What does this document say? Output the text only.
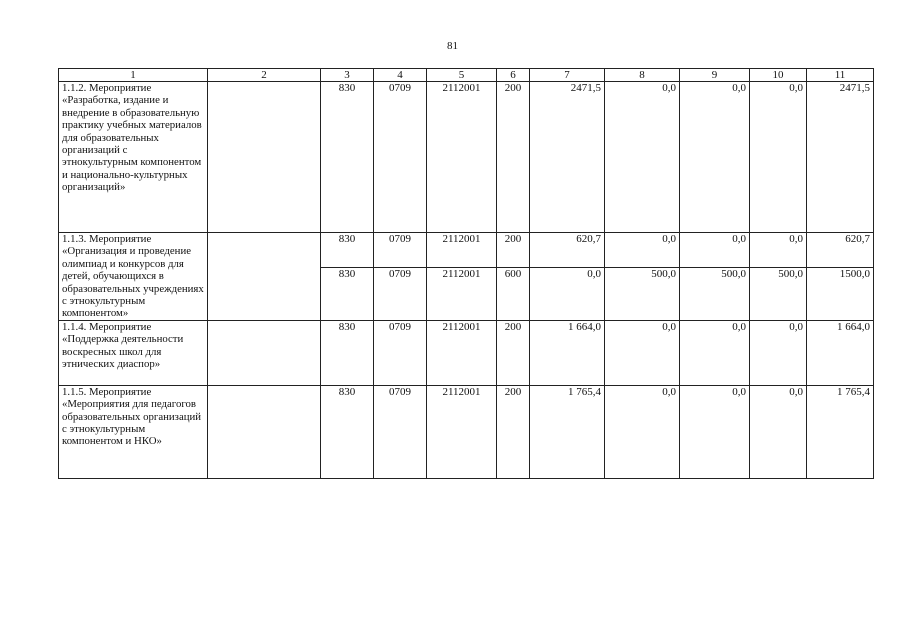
81
1	2	3	4	5	6	7	8	9	10	11
1.1.2. Мероприятие «Разработка, издание и внедрение в образовательную практику учебных материалов для образовательных организаций с этнокультурным компонентом и национально-культурных организаций»		830	0709	2112001	200	2471,5	0,0	0,0	0,0	2471,5
1.1.3. Мероприятие «Организация и проведение олимпиад и конкурсов для детей, обучающихся в образовательных учреждениях с этнокультурным компонентом»		830	0709	2112001	200	620,7	0,0	0,0	0,0	620,7
		830	0709	2112001	600	0,0	500,0	500,0	500,0	1500,0
1.1.4. Мероприятие «Поддержка деятельности воскресных школ для этнических диаспор»		830	0709	2112001	200	1 664,0	0,0	0,0	0,0	1 664,0
1.1.5. Мероприятие «Мероприятия для педагогов образовательных организаций с этнокультурным компонентом и НКО»		830	0709	2112001	200	1 765,4	0,0	0,0	0,0	1 765,4
